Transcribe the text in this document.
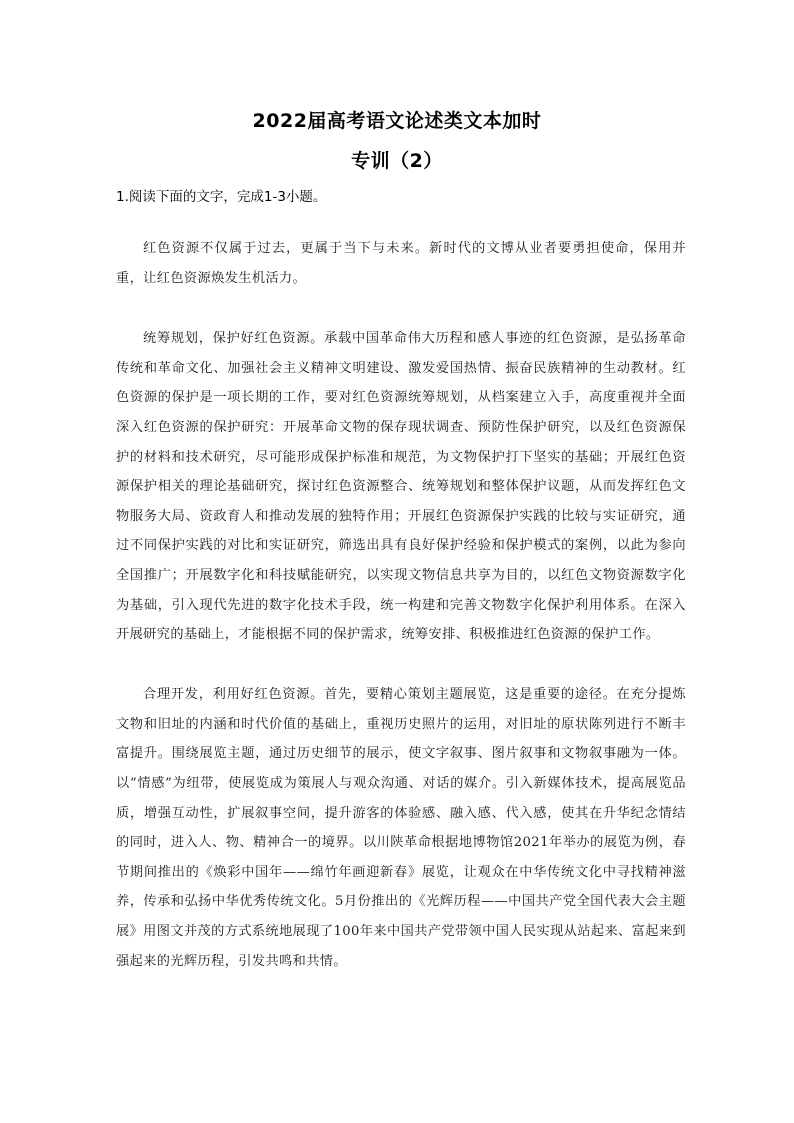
2022届高考语文论述类文本加时
专训（2）
1.阅读下面的文字，完成1-3小题。

红色资源不仅属于过去，更属于当下与未来。新时代的文博从业者要勇担使命，保用并重，让红色资源焕发生机活力。

统筹规划，保护好红色资源。承载中国革命伟大历程和感人事迹的红色资源，是弘扬革命传统和革命文化、加强社会主义精神文明建设、激发爱国热情、振奋民族精神的生动教材。红色资源的保护是一项长期的工作，要对红色资源统筹规划，从档案建立入手，高度重视并全面深入红色资源的保护研究：开展革命文物的保存现状调查、预防性保护研究，以及红色资源保护的材料和技术研究，尽可能形成保护标准和规范，为文物保护打下坚实的基础；开展红色资源保护相关的理论基础研究，探讨红色资源整合、统筹规划和整体保护议题，从而发挥红色文物服务大局、资政育人和推动发展的独特作用；开展红色资源保护实践的比较与实证研究，通过不同保护实践的对比和实证研究，筛选出具有良好保护经验和保护模式的案例，以此为参向全国推广；开展数字化和科技赋能研究，以实现文物信息共享为目的，以红色文物资源数字化为基础，引入现代先进的数字化技术手段，统一构建和完善文物数字化保护利用体系。在深入开展研究的基础上，才能根据不同的保护需求，统筹安排、积极推进红色资源的保护工作。

合理开发，利用好红色资源。首先，要精心策划主题展览，这是重要的途径。在充分提炼文物和旧址的内涵和时代价值的基础上，重视历史照片的运用，对旧址的原状陈列进行不断丰富提升。围绕展览主题，通过历史细节的展示，使文字叙事、图片叙事和文物叙事融为一体。以“情感”为纽带，使展览成为策展人与观众沟通、对话的媒介。引入新媒体技术，提高展览品质，增强互动性，扩展叙事空间，提升游客的体验感、融入感、代入感，使其在升华纪念情结的同时，进入人、物、精神合一的境界。以川陕革命根据地博物馆2021年举办的展览为例，春节期间推出的《焕彩中国年——绵竹年画迎新春》展览，让观众在中华传统文化中寻找精神滋养，传承和弘扬中华优秀传统文化。5月份推出的《光辉历程——中国共产党全国代表大会主题展》用图文并茂的方式系统地展现了100年来中国共产党带领中国人民实现从站起来、富起来到强起来的光辉历程，引发共鸣和共情。
